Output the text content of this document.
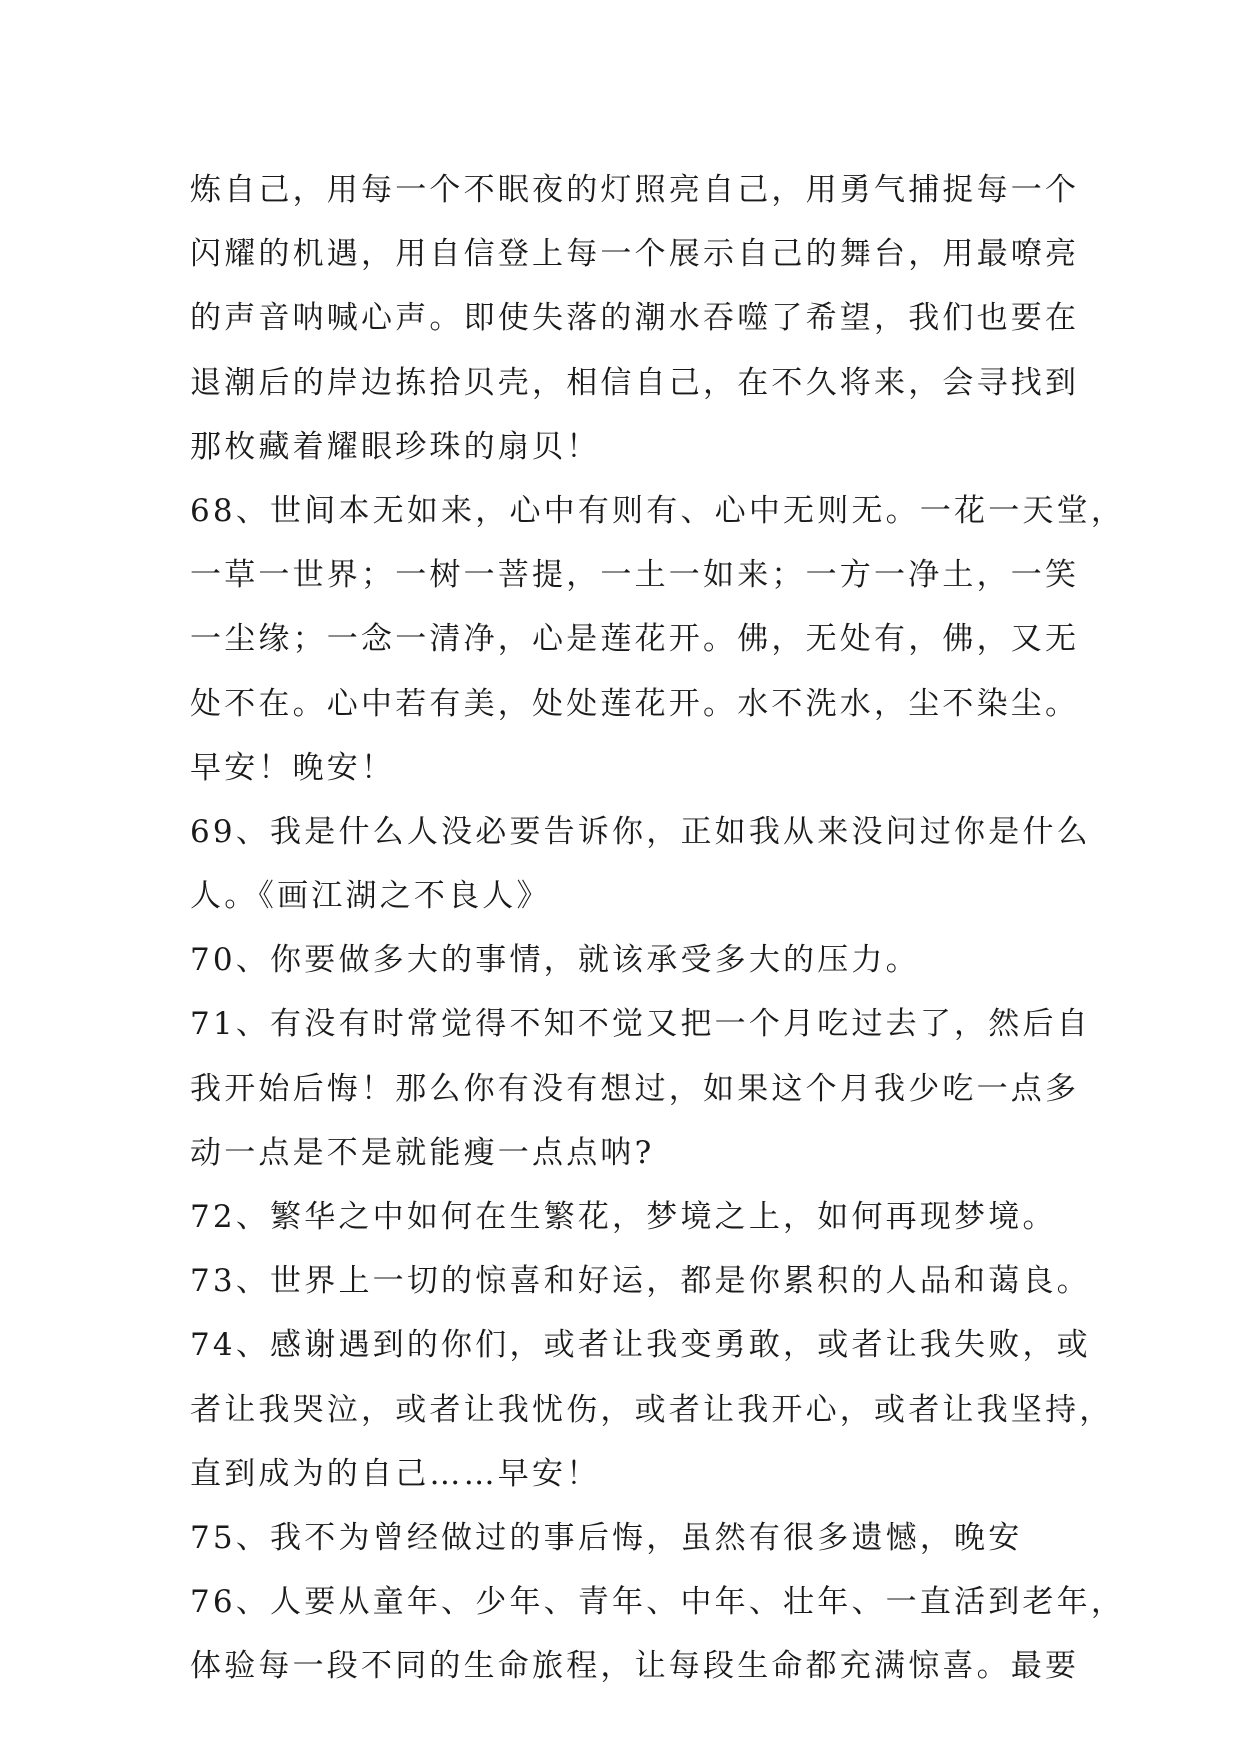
炼自己，用每一个不眠夜的灯照亮自己，用勇气捕捉每一个
闪耀的机遇，用自信登上每一个展示自己的舞台，用最嘹亮
的声音呐喊心声。即使失落的潮水吞噬了希望，我们也要在
退潮后的岸边拣拾贝壳，相信自己，在不久将来，会寻找到
那枚藏着耀眼珍珠的扇贝！
68、世间本无如来，心中有则有、心中无则无。一花一天堂，
一草一世界；一树一菩提，一土一如来；一方一净土，一笑
一尘缘；一念一清净，心是莲花开。佛，无处有，佛，又无
处不在。心中若有美，处处莲花开。水不洗水，尘不染尘。
早安！晚安！
69、我是什么人没必要告诉你，正如我从来没问过你是什么
人。《画江湖之不良人》
70、你要做多大的事情，就该承受多大的压力。
71、有没有时常觉得不知不觉又把一个月吃过去了，然后自
我开始后悔！那么你有没有想过，如果这个月我少吃一点多
动一点是不是就能瘦一点点呐?
72、繁华之中如何在生繁花，梦境之上，如何再现梦境。
73、世界上一切的惊喜和好运，都是你累积的人品和蔼良。
74、感谢遇到的你们，或者让我变勇敢，或者让我失败，或
者让我哭泣，或者让我忧伤，或者让我开心，或者让我坚持，
直到成为的自己……早安！
75、我不为曾经做过的事后悔，虽然有很多遗憾，晚安
76、人要从童年、少年、青年、中年、壮年、一直活到老年，
体验每一段不同的生命旅程，让每段生命都充满惊喜。最要
